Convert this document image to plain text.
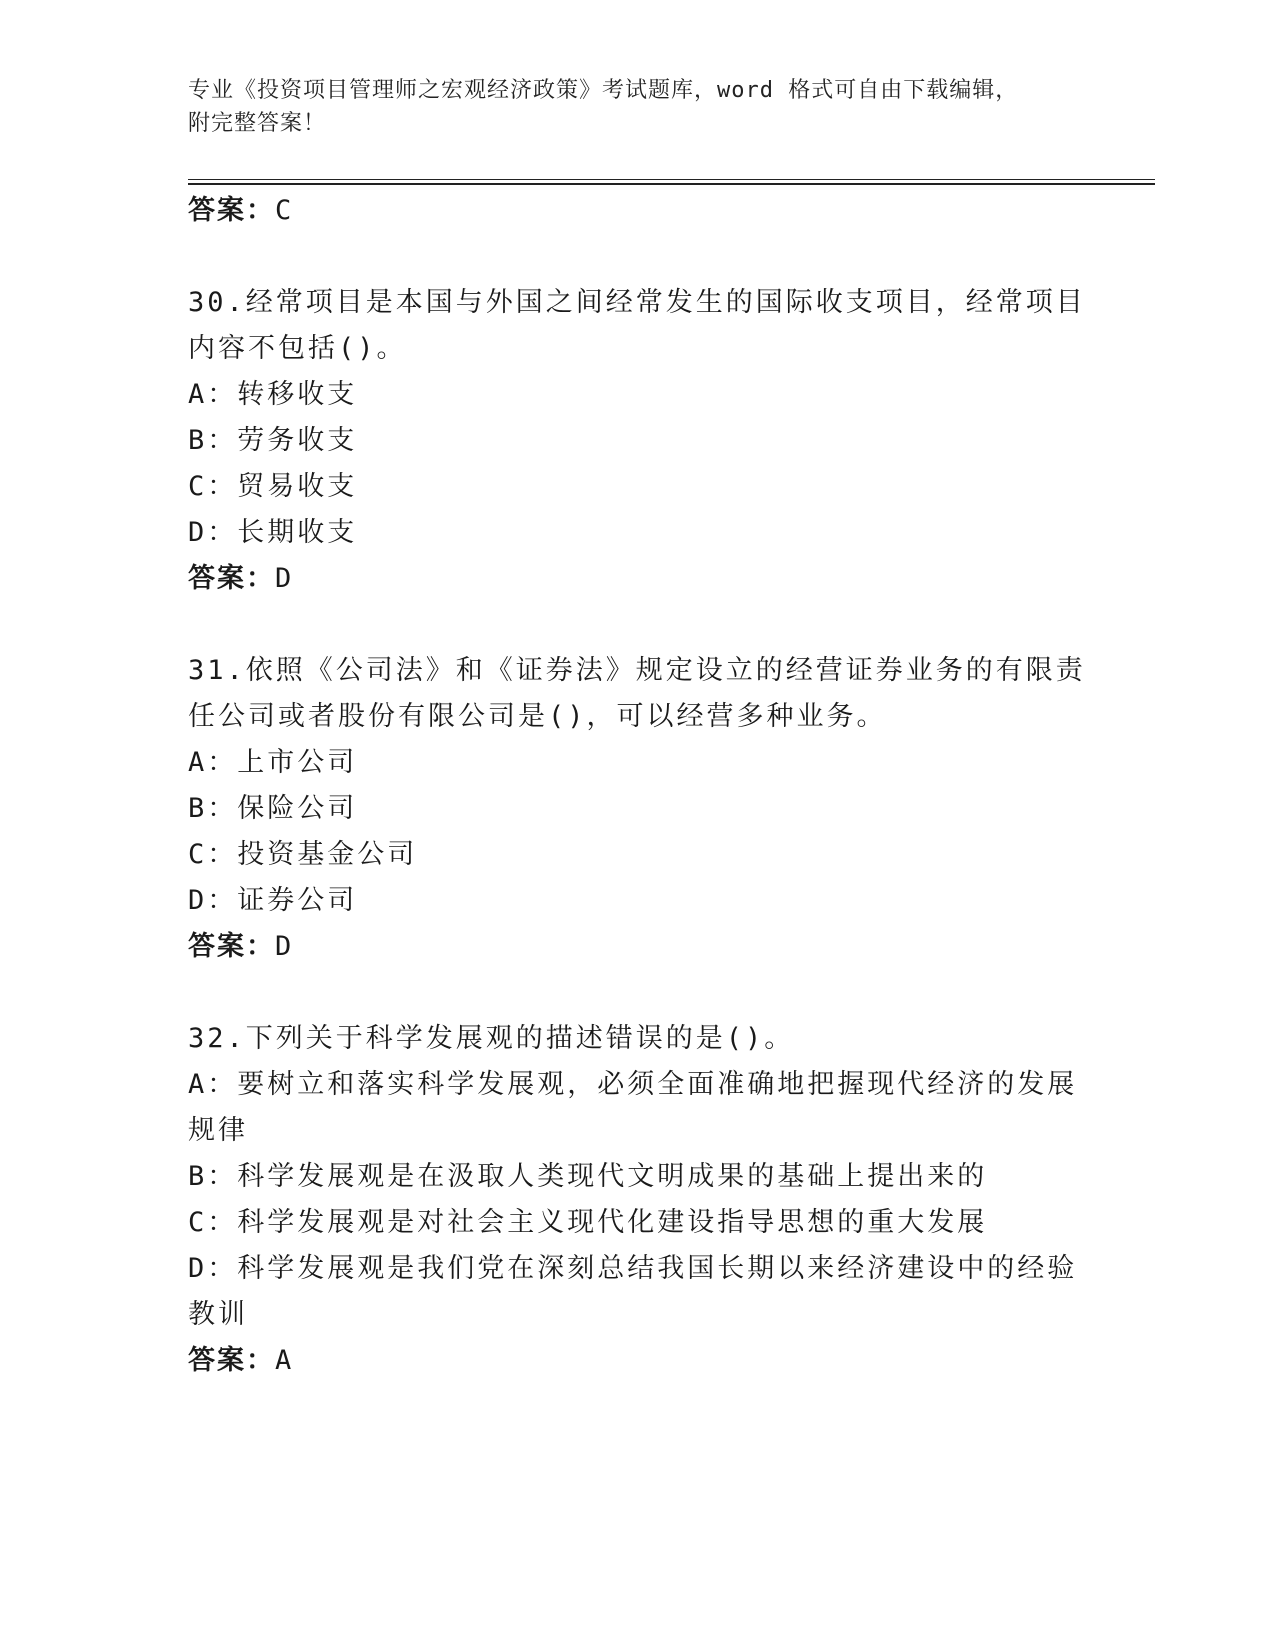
专业《投资项目管理师之宏观经济政策》考试题库，word 格式可自由下载编辑，
附完整答案！
答案：C
30.经常项目是本国与外国之间经常发生的国际收支项目，经常项目内容不包括()。
A：转移收支
B：劳务收支
C：贸易收支
D：长期收支
答案：D
31.依照《公司法》和《证券法》规定设立的经营证券业务的有限责任公司或者股份有限公司是()，可以经营多种业务。
A：上市公司
B：保险公司
C：投资基金公司
D：证券公司
答案：D
32.下列关于科学发展观的描述错误的是()。
A：要树立和落实科学发展观，必须全面准确地把握现代经济的发展规律
B：科学发展观是在汲取人类现代文明成果的基础上提出来的
C：科学发展观是对社会主义现代化建设指导思想的重大发展
D：科学发展观是我们党在深刻总结我国长期以来经济建设中的经验教训
答案：A
